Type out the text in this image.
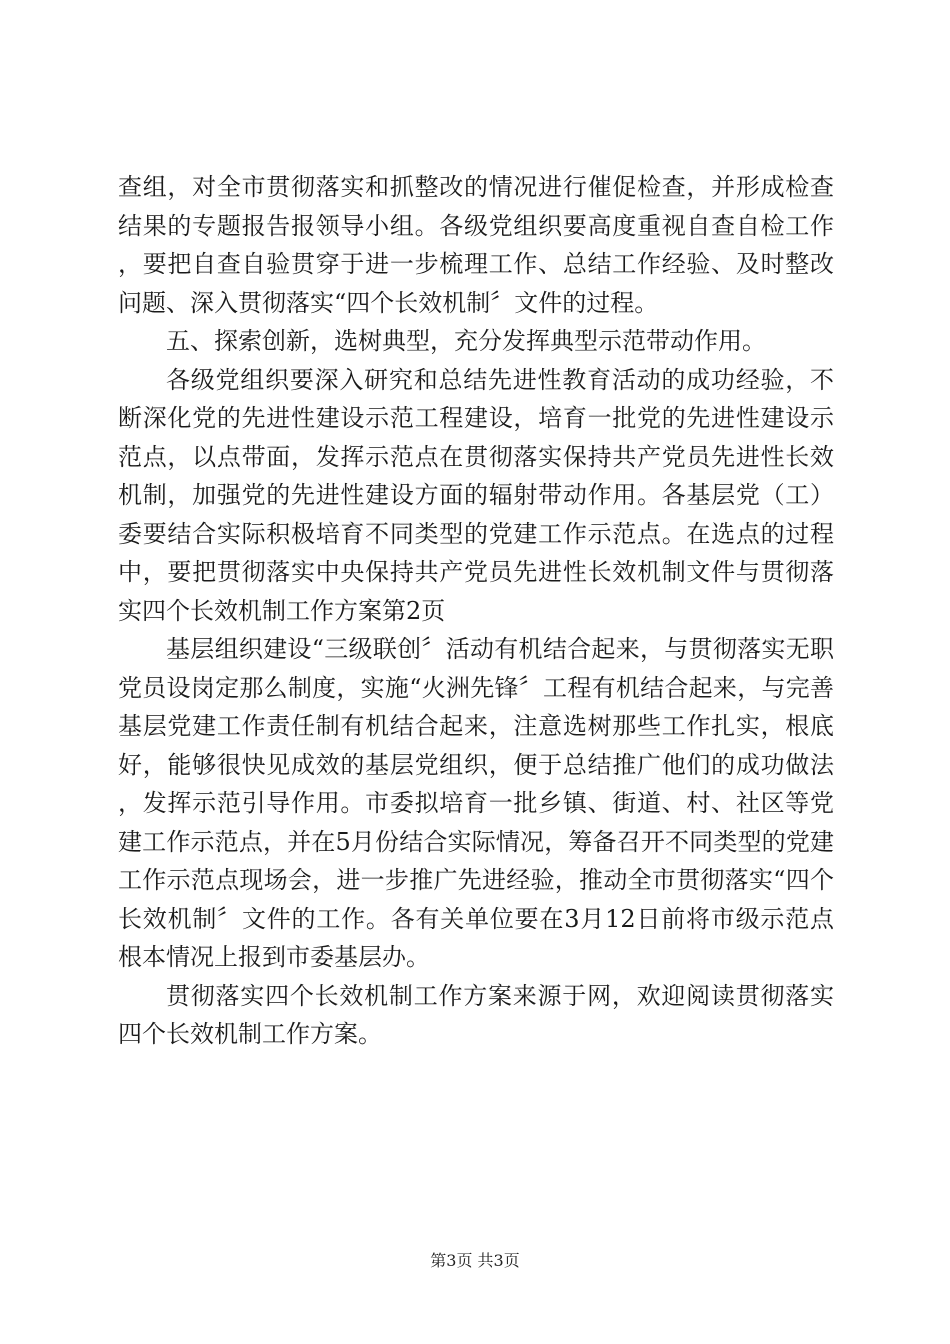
查组，对全市贯彻落实和抓整改的情况进行催促检查，并形成检查结果的专题报告报领导小组。各级党组织要高度重视自查自检工作，要把自查自验贯穿于进一步梳理工作、总结工作经验、及时整改问题、深入贯彻落实“四个长效机制〞文件的过程。

五、探索创新，选树典型，充分发挥典型示范带动作用。

各级党组织要深入研究和总结先进性教育活动的成功经验，不断深化党的先进性建设示范工程建设，培育一批党的先进性建设示范点，以点带面，发挥示范点在贯彻落实保持共产党员先进性长效机制，加强党的先进性建设方面的辐射带动作用。各基层党（工）委要结合实际积极培育不同类型的党建工作示范点。在选点的过程中，要把贯彻落实中央保持共产党员先进性长效机制文件与贯彻落实四个长效机制工作方案第2页

基层组织建设“三级联创〞活动有机结合起来，与贯彻落实无职党员设岗定那么制度，实施“火洲先锋〞工程有机结合起来，与完善基层党建工作责任制有机结合起来，注意选树那些工作扎实，根底好，能够很快见成效的基层党组织，便于总结推广他们的成功做法，发挥示范引导作用。市委拟培育一批乡镇、街道、村、社区等党建工作示范点，并在5月份结合实际情况，筹备召开不同类型的党建工作示范点现场会，进一步推广先进经验，推动全市贯彻落实“四个长效机制〞文件的工作。各有关单位要在3月12日前将市级示范点根本情况上报到市委基层办。

贯彻落实四个长效机制工作方案来源于网，欢迎阅读贯彻落实四个长效机制工作方案。

第3页 共3页
